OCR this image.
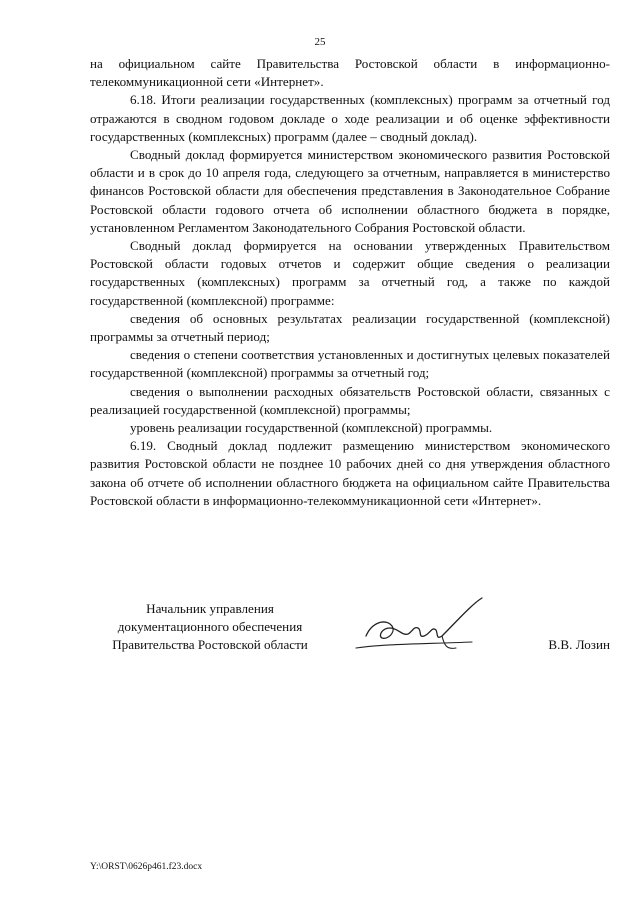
25

на официальном сайте Правительства Ростовской области в информационно-телекоммуникационной сети «Интернет».

6.18. Итоги реализации государственных (комплексных) программ за отчетный год отражаются в сводном годовом докладе о ходе реализации и об оценке эффективности государственных (комплексных) программ (далее – сводный доклад).

Сводный доклад формируется министерством экономического развития Ростовской области и в срок до 10 апреля года, следующего за отчетным, направляется в министерство финансов Ростовской области для обеспечения представления в Законодательное Собрание Ростовской области годового отчета об исполнении областного бюджета в порядке, установленном Регламентом Законодательного Собрания Ростовской области.

Сводный доклад формируется на основании утвержденных Правительством Ростовской области годовых отчетов и содержит общие сведения о реализации государственных (комплексных) программ за отчетный год, а также по каждой государственной (комплексной) программе:

сведения об основных результатах реализации государственной (комплексной) программы за отчетный период;

сведения о степени соответствия установленных и достигнутых целевых показателей государственной (комплексной) программы за отчетный год;

сведения о выполнении расходных обязательств Ростовской области, связанных с реализацией государственной (комплексной) программы;

уровень реализации государственной (комплексной) программы.

6.19. Сводный доклад подлежит размещению министерством экономического развития Ростовской области не позднее 10 рабочих дней со дня утверждения областного закона об отчете об исполнении областного бюджета на официальном сайте Правительства Ростовской области в информационно-телекоммуникационной сети «Интернет».

Начальник управления
документационного обеспечения
Правительства Ростовской области	В.В. Лозин
Y:\ORST\0626p461.f23.docx
